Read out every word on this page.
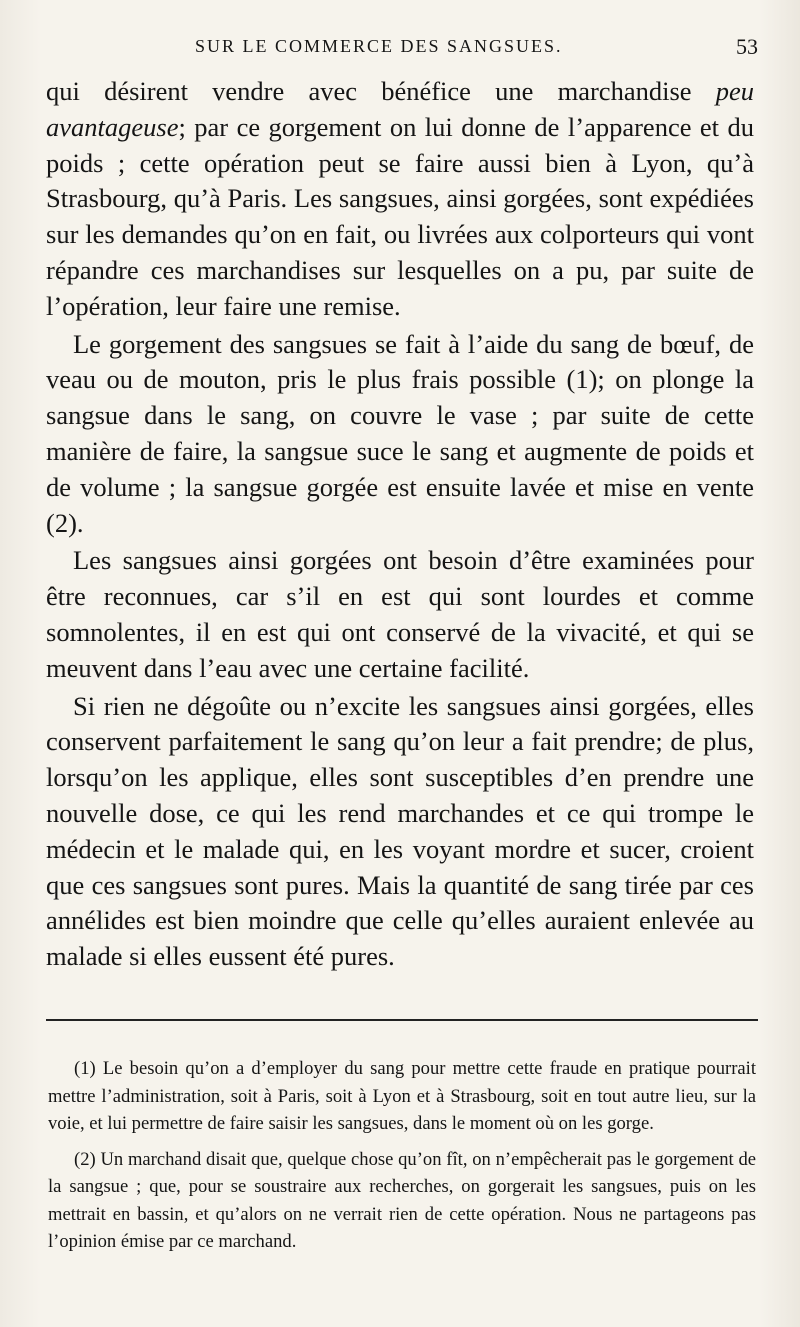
SUR LE COMMERCE DES SANGSUES.	53

qui désirent vendre avec bénéfice une marchandise peu avantageuse; par ce gorgement on lui donne de l’apparence et du poids ; cette opération peut se faire aussi bien à Lyon, qu’à Strasbourg, qu’à Paris. Les sangsues, ainsi gorgées, sont expédiées sur les demandes qu’on en fait, ou livrées aux colporteurs qui vont répandre ces marchandises sur lesquelles on a pu, par suite de l’opération, leur faire une remise.

Le gorgement des sangsues se fait à l’aide du sang de bœuf, de veau ou de mouton, pris le plus frais possible (1); on plonge la sangsue dans le sang, on couvre le vase ; par suite de cette manière de faire, la sangsue suce le sang et augmente de poids et de volume ; la sangsue gorgée est ensuite lavée et mise en vente (2).

Les sangsues ainsi gorgées ont besoin d’être examinées pour être reconnues, car s’il en est qui sont lourdes et comme somnolentes, il en est qui ont conservé de la vivacité, et qui se meuvent dans l’eau avec une certaine facilité.

Si rien ne dégoûte ou n’excite les sangsues ainsi gorgées, elles conservent parfaitement le sang qu’on leur a fait prendre; de plus, lorsqu’on les applique, elles sont susceptibles d’en prendre une nouvelle dose, ce qui les rend marchandes et ce qui trompe le médecin et le malade qui, en les voyant mordre et sucer, croient que ces sangsues sont pures. Mais la quantité de sang tirée par ces annélides est bien moindre que celle qu’elles auraient enlevée au malade si elles eussent été pures.

(1) Le besoin qu’on a d’employer du sang pour mettre cette fraude en pratique pourrait mettre l’administration, soit à Paris, soit à Lyon et à Strasbourg, soit en tout autre lieu, sur la voie, et lui permettre de faire saisir les sangsues, dans le moment où on les gorge.

(2) Un marchand disait que, quelque chose qu’on fît, on n’empêcherait pas le gorgement de la sangsue ; que, pour se soustraire aux recherches, on gorgerait les sangsues, puis on les mettrait en bassin, et qu’alors on ne verrait rien de cette opération. Nous ne partageons pas l’opinion émise par ce marchand.
